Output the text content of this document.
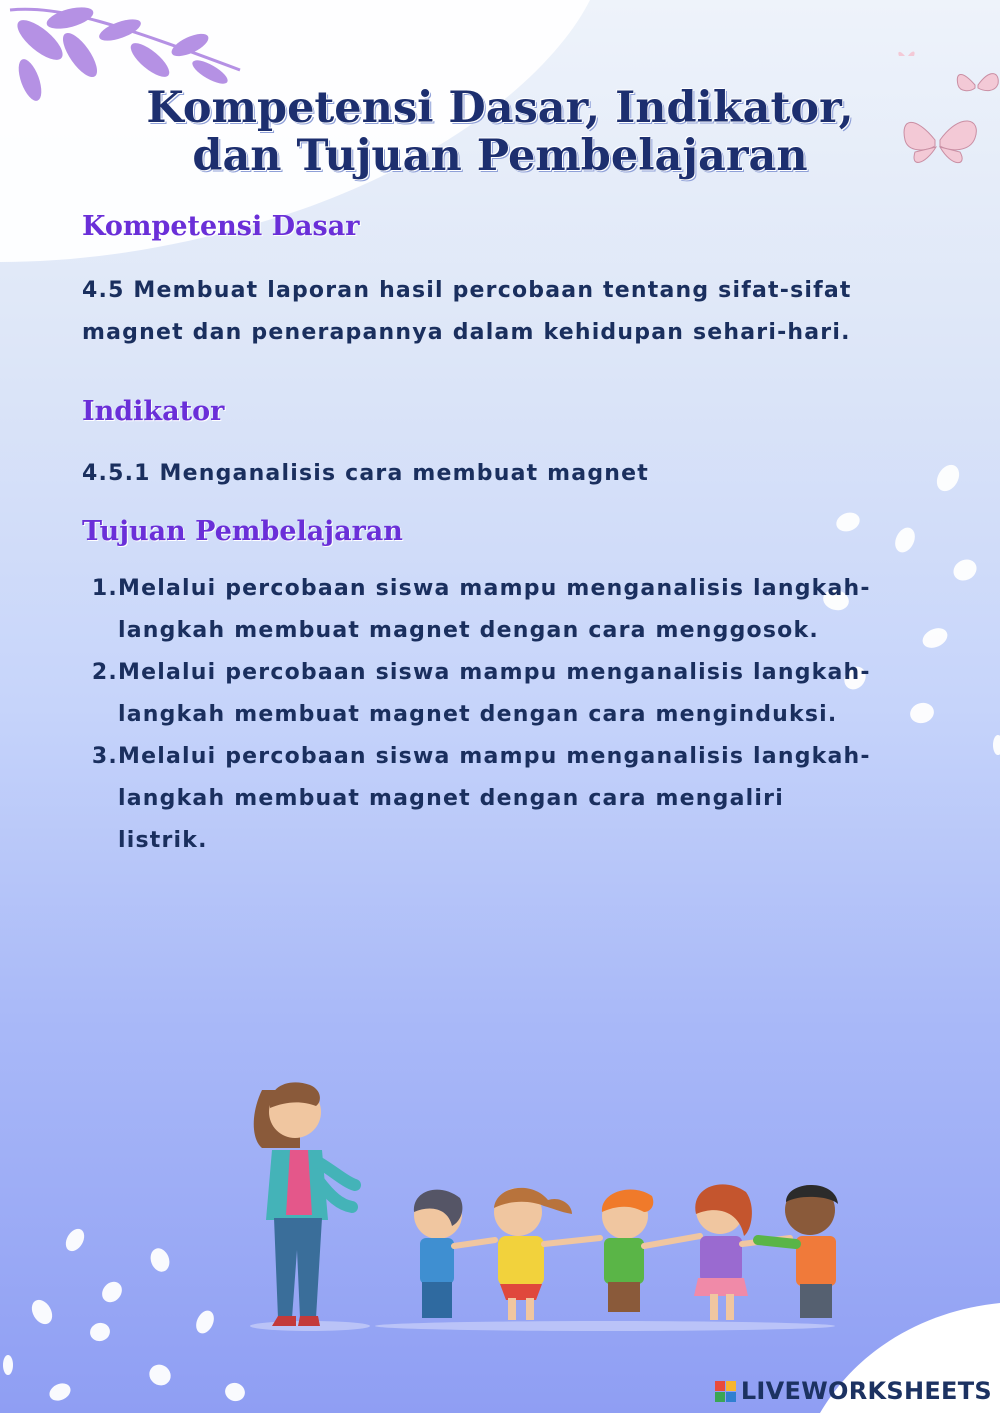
Kompetensi Dasar, Indikator,
dan Tujuan Pembelajaran
Kompetensi Dasar

4.5 Membuat laporan hasil percobaan tentang sifat-sifat magnet dan penerapannya dalam kehidupan sehari-hari.

Indikator

4.5.1 Menganalisis cara membuat magnet

Tujuan Pembelajaran
1. Melalui percobaan siswa mampu menganalisis langkah-langkah membuat magnet dengan cara menggosok.
2. Melalui percobaan siswa mampu menganalisis langkah-langkah membuat magnet dengan cara menginduksi.
3. Melalui percobaan siswa mampu menganalisis langkah-langkah membuat magnet dengan cara mengaliri listrik.
LIVEWORKSHEETS
